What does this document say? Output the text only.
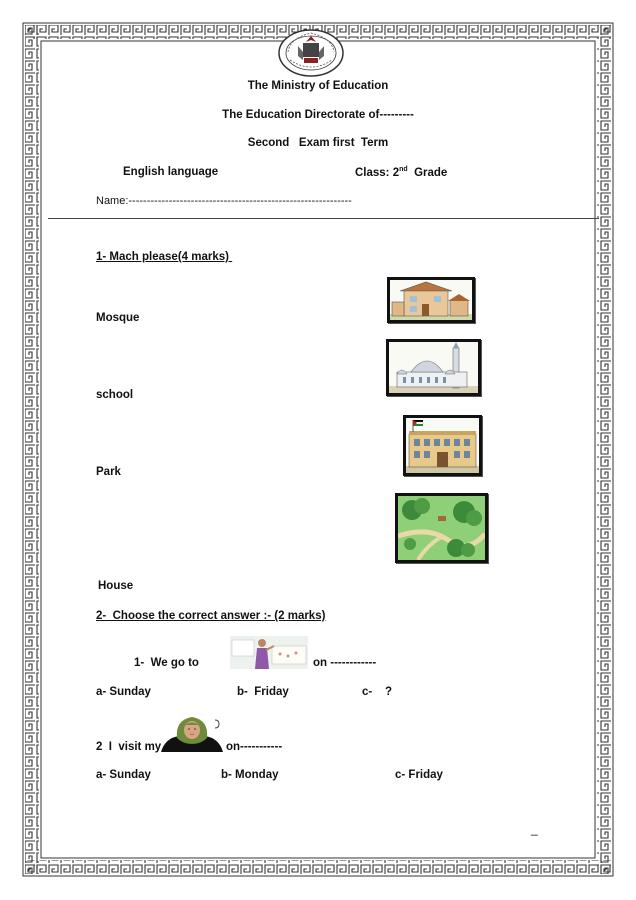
The Ministry of Education
The Education Directorate of---------
Second   Exam first  Term
English language	Class: 2nd Grade
Name:-------------------------------------------------------------
1- Mach please(4 marks)
Mosque
school
Park
House
2-  Choose the correct answer :- (2 marks)
1-  We go to	on ------------
a- Sunday	b-  Friday	c-    ?
2  I  visit my	on-----------
a- Sunday	b- Monday	c- Friday
_
